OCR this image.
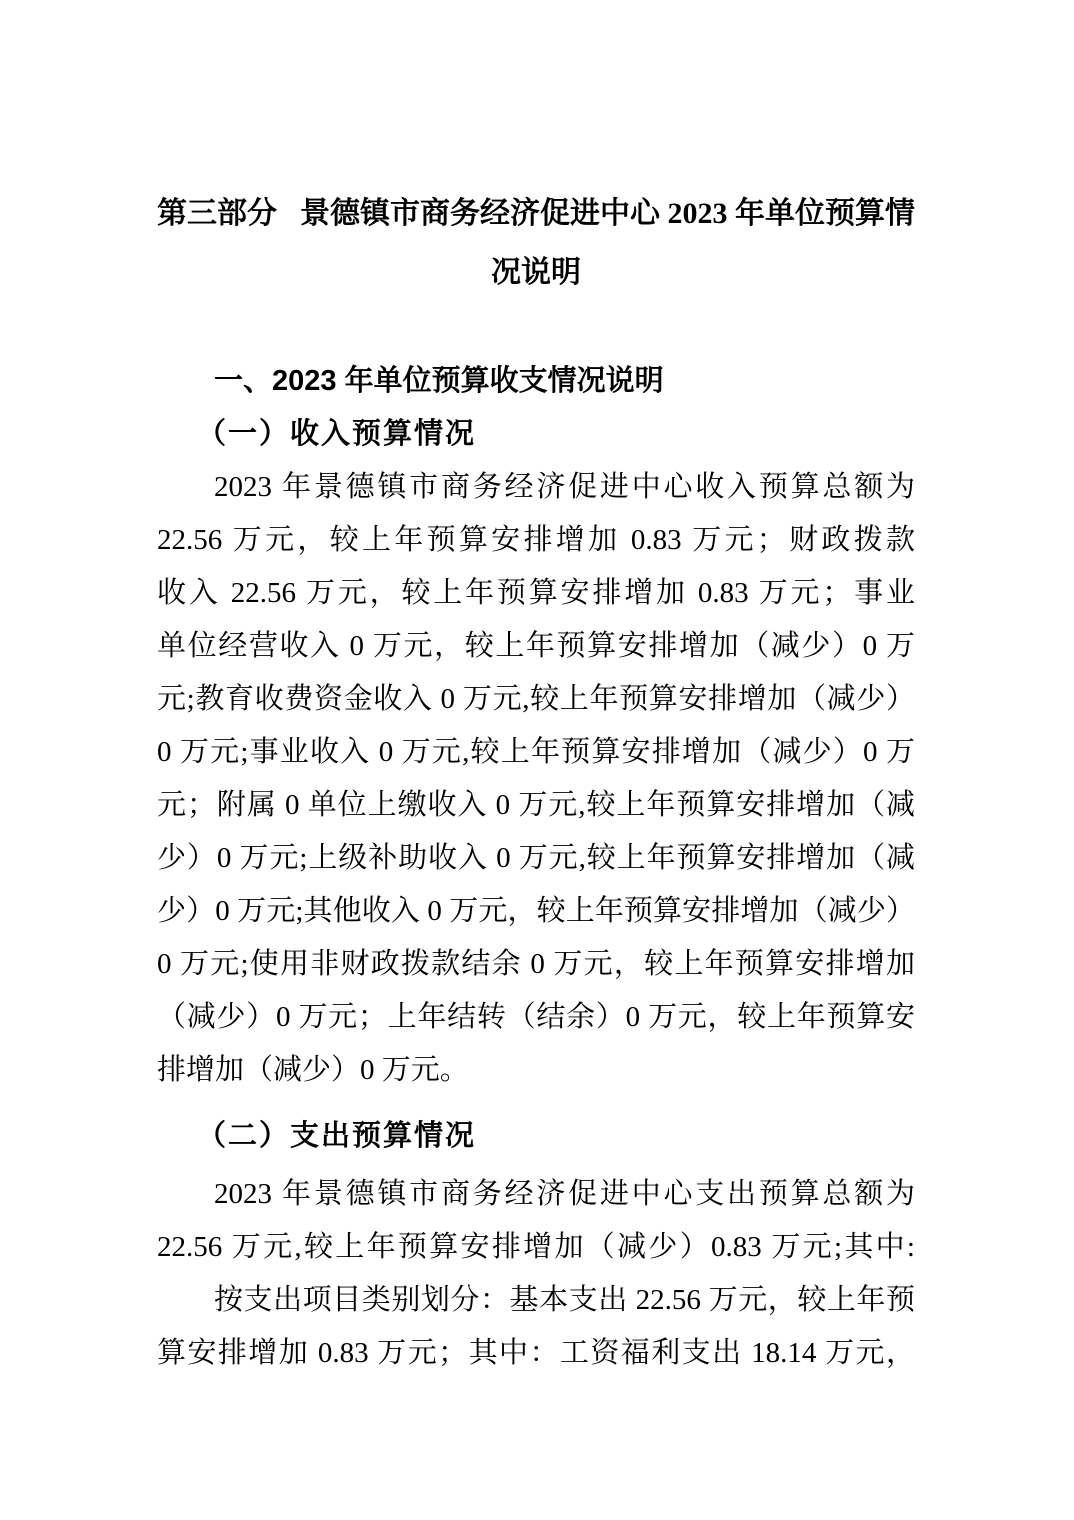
第三部分 景德镇市商务经济促进中心 2023 年单位预算情
况说明
一、2023 年单位预算收支情况说明
（一）收入预算情况
2023 年景德镇市商务经济促进中心收入预算总额为
22.56 万元，较上年预算安排增加 0.83 万元；财政拨款
收入 22.56 万元，较上年预算安排增加 0.83 万元；事业
单位经营收入 0 万元，较上年预算安排增加（减少）0 万
元;教育收费资金收入 0 万元,较上年预算安排增加（减少）
0 万元;事业收入 0 万元,较上年预算安排增加（减少）0 万
元；附属 0 单位上缴收入 0 万元,较上年预算安排增加（减
少）0 万元;上级补助收入 0 万元,较上年预算安排增加（减
少）0 万元;其他收入 0 万元，较上年预算安排增加（减少）
0 万元;使用非财政拨款结余 0 万元，较上年预算安排增加
（减少）0 万元；上年结转（结余）0 万元，较上年预算安
排增加（减少）0 万元。
（二）支出预算情况
2023 年景德镇市商务经济促进中心支出预算总额为
22.56 万元,较上年预算安排增加（减少）0.83 万元;其中:
按支出项目类别划分：基本支出 22.56 万元，较上年预
算安排增加 0.83 万元；其中：工资福利支出 18.14 万元，
